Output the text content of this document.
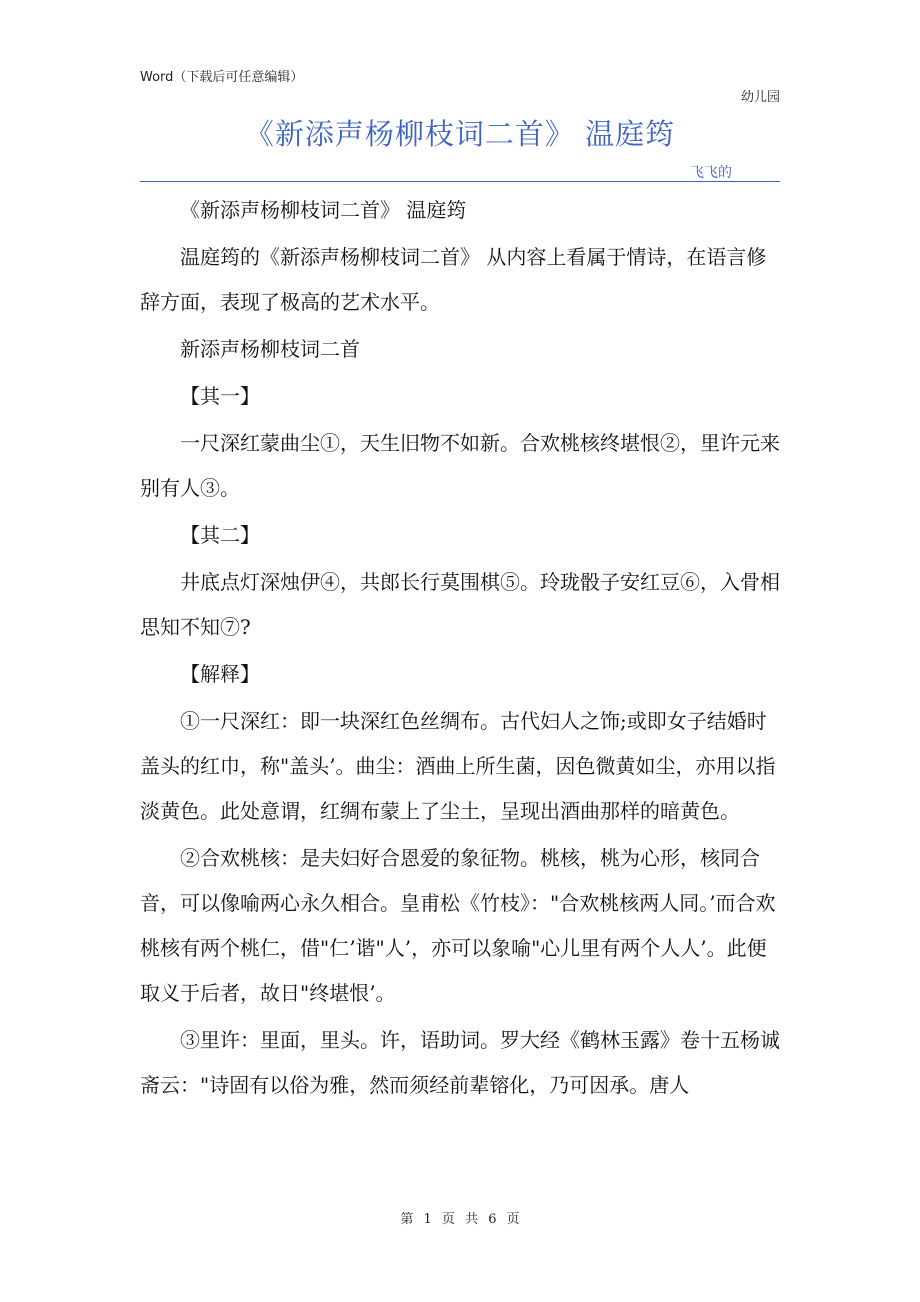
Word（下载后可任意编辑）
幼儿园
《新添声杨柳枝词二首》 温庭筠
飞飞的

《新添声杨柳枝词二首》 温庭筠

温庭筠的《新添声杨柳枝词二首》 从内容上看属于情诗，在语言修辞方面，表现了极高的艺术水平。

新添声杨柳枝词二首

【其一】

一尺深红蒙曲尘①，天生旧物不如新。合欢桃核终堪恨②，里许元来别有人③。

【其二】

井底点灯深烛伊④，共郎长行莫围棋⑤。玲珑骰子安红豆⑥，入骨相思知不知⑦?

【解释】

①一尺深红：即一块深红色丝绸布。古代妇人之饰;或即女子结婚时盖头的红巾，称"盖头’。曲尘：酒曲上所生菌，因色微黄如尘，亦用以指淡黄色。此处意谓，红绸布蒙上了尘土，呈现出酒曲那样的暗黄色。

②合欢桃核：是夫妇好合恩爱的象征物。桃核，桃为心形，核同合音，可以像喻两心永久相合。皇甫松《竹枝》："合欢桃核两人同。’而合欢桃核有两个桃仁，借"仁’谐"人’，亦可以象喻"心儿里有两个人人’。此便取义于后者，故日"终堪恨’。

③里许：里面，里头。许，语助词。罗大经《鹤林玉露》卷十五杨诚斋云："诗固有以俗为雅，然而须经前辈镕化，乃可因承。唐人

第 1 页 共 6 页
